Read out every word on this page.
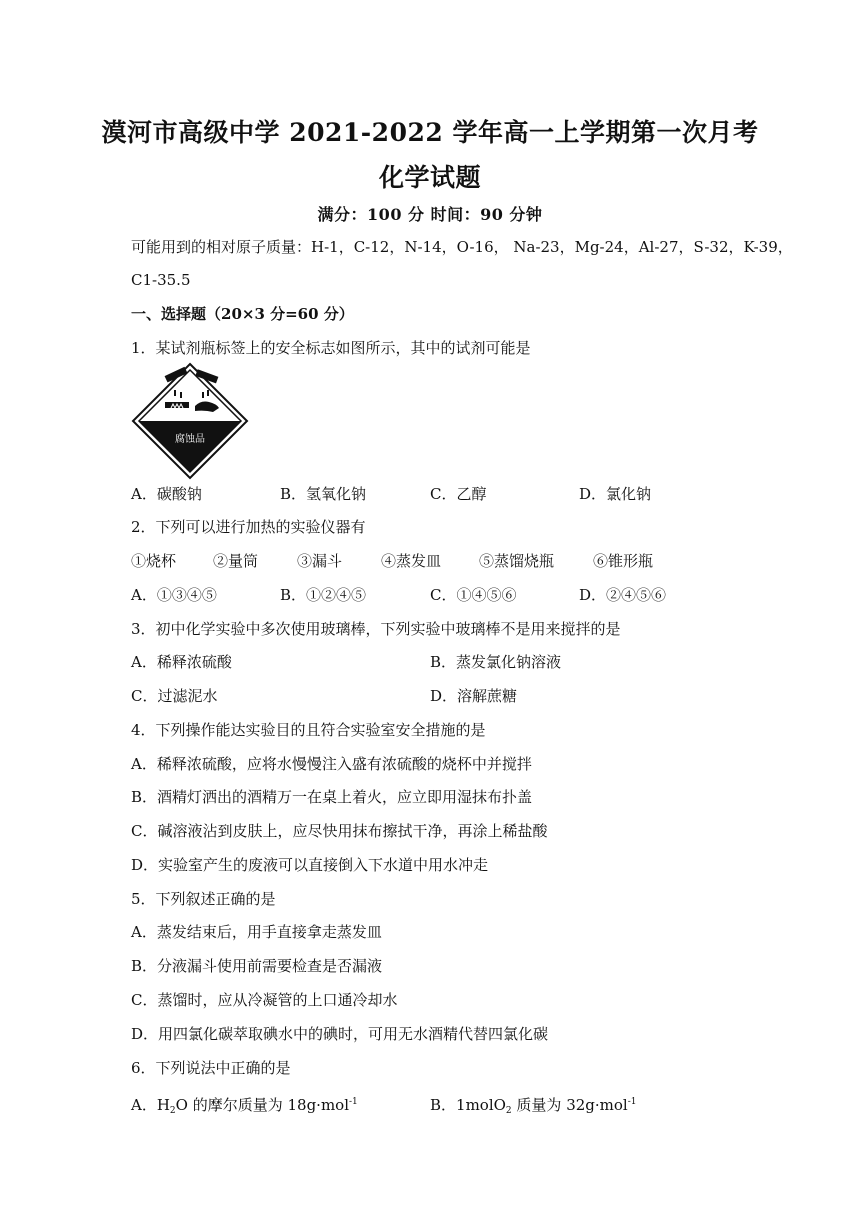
漠河市高级中学 2021-2022 学年高一上学期第一次月考
化学试题
满分：100 分 时间：90 分钟
可能用到的相对原子质量：H-1，C-12，N-14，O-16， Na-23，Mg-24，Al-27，S-32，K-39，
C1-35.5
一、选择题（20×3 分=60 分）
1．某试剂瓶标签上的安全标志如图所示，其中的试剂可能是
腐蚀品
A．碳酸钠	B．氢氧化钠	C．乙醇	D．氯化钠
2．下列可以进行加热的实验仪器有
①烧杯 ②量筒	③漏斗	④蒸发皿	⑤蒸馏烧瓶	⑥锥形瓶
A．①③④⑤	B．①②④⑤	C．①④⑤⑥	D．②④⑤⑥
3．初中化学实验中多次使用玻璃棒，下列实验中玻璃棒不是用来搅拌的是
A．稀释浓硫酸	B．蒸发氯化钠溶液
C．过滤泥水	D．溶解蔗糖
4．下列操作能达实验目的且符合实验室安全措施的是
A．稀释浓硫酸，应将水慢慢注入盛有浓硫酸的烧杯中并搅拌
B．酒精灯洒出的酒精万一在桌上着火，应立即用湿抹布扑盖
C．碱溶液沾到皮肤上，应尽快用抹布擦拭干净，再涂上稀盐酸
D．实验室产生的废液可以直接倒入下水道中用水冲走
5．下列叙述正确的是
A．蒸发结束后，用手直接拿走蒸发皿
B．分液漏斗使用前需要检查是否漏液
C．蒸馏时，应从冷凝管的上口通冷却水
D．用四氯化碳萃取碘水中的碘时，可用无水酒精代替四氯化碳
6．下列说法中正确的是
A．$H_2O$ 的摩尔质量为 18g·mol$^{-1}$	B．1molO$_2$ 质量为 32g·mol$^{-1}$
